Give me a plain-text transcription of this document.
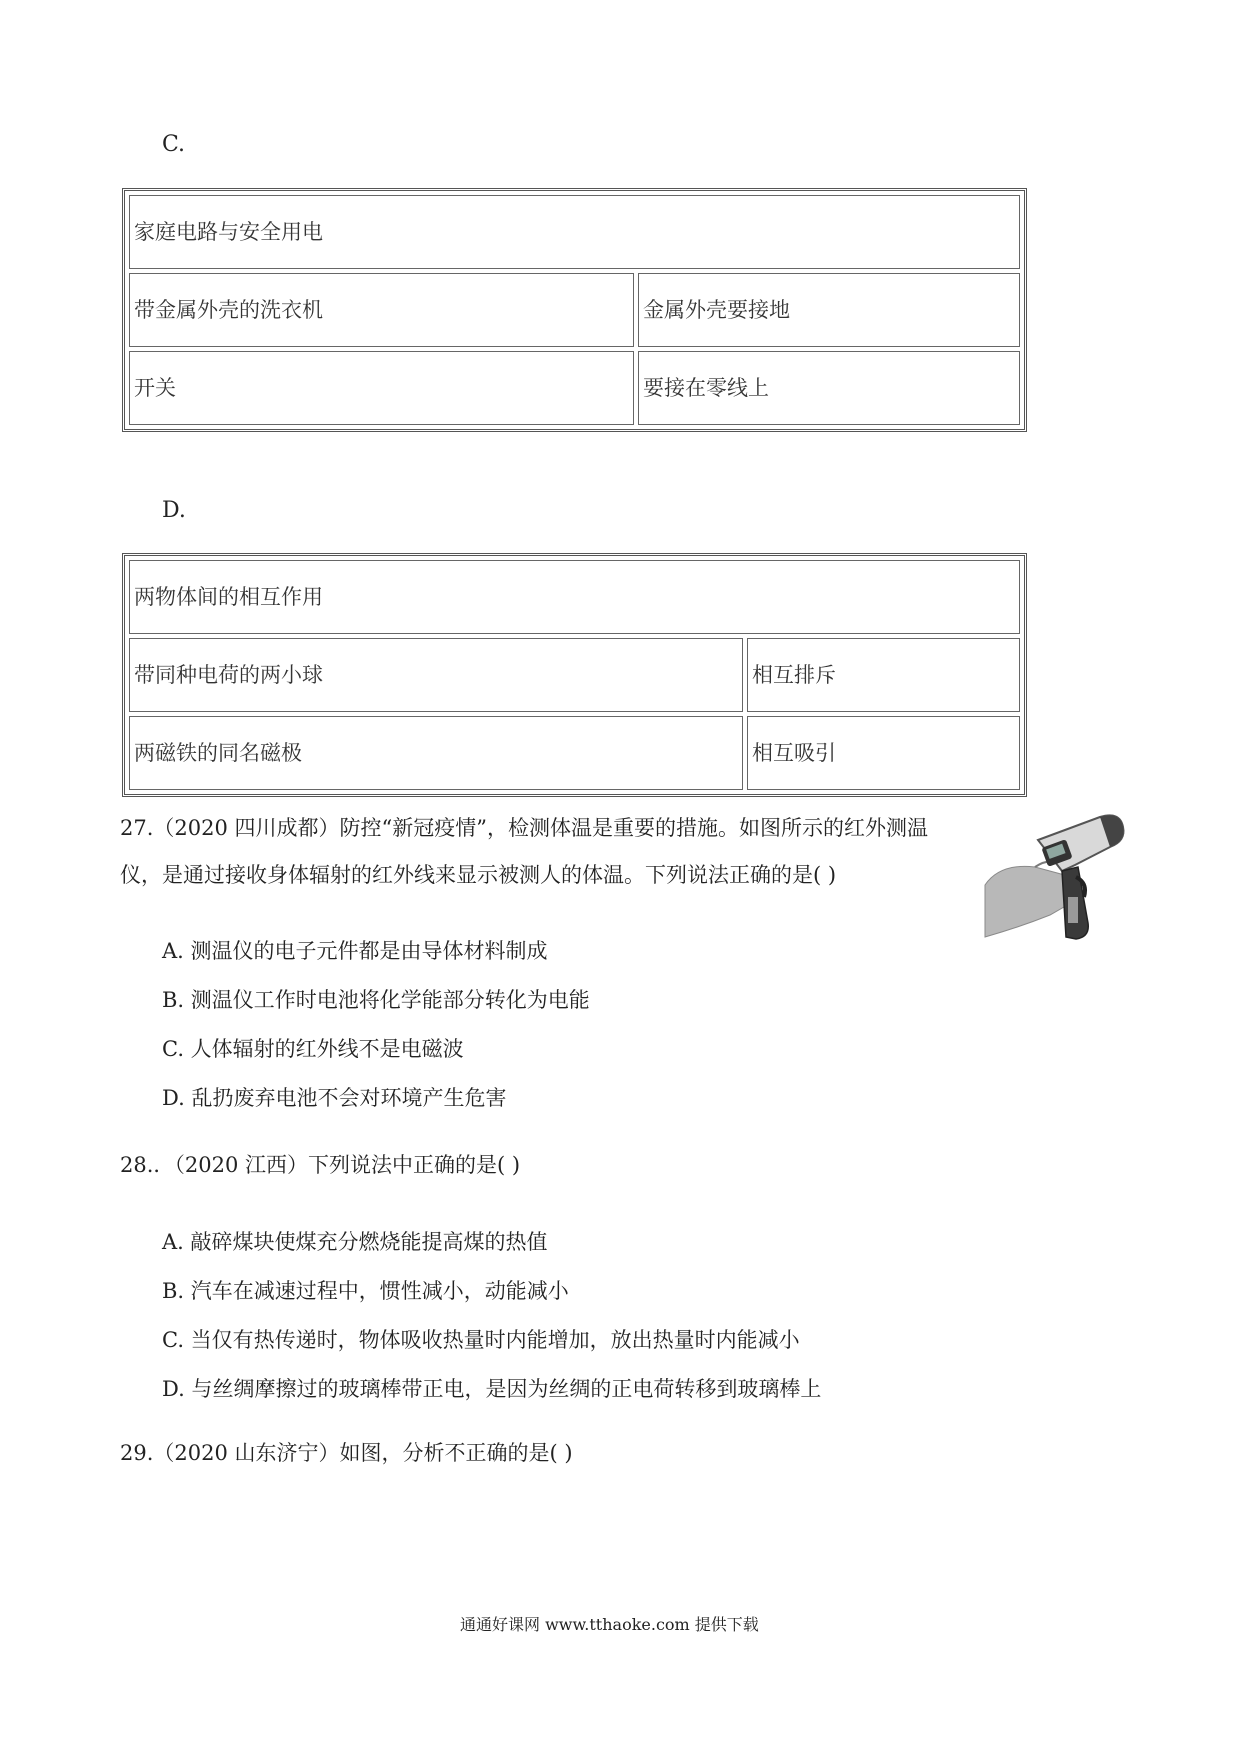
C.
家庭电路与安全用电	
带金属外壳的洗衣机	金属外壳要接地
开关	要接在零线上
D.
两物体间的相互作用	
带同种电荷的两小球	相互排斥
两磁铁的同名磁极	相互吸引
27.（2020 四川成都）防控“新冠疫情”，检测体温是重要的措施。如图所示的红外测温
仪，是通过接收身体辐射的红外线来显示被测人的体温。下列说法正确的是( )
A. 测温仪的电子元件都是由导体材料制成
B. 测温仪工作时电池将化学能部分转化为电能
C. 人体辐射的红外线不是电磁波
D. 乱扔废弃电池不会对环境产生危害
28.．（2020 江西）下列说法中正确的是( )
A. 敲碎煤块使煤充分燃烧能提高煤的热值
B. 汽车在减速过程中，惯性减小，动能减小
C. 当仅有热传递时，物体吸收热量时内能增加，放出热量时内能减小
D. 与丝绸摩擦过的玻璃棒带正电，是因为丝绸的正电荷转移到玻璃棒上
29.（2020 山东济宁）如图，分析不正确的是( )
通通好课网 www.tthaoke.com 提供下载
